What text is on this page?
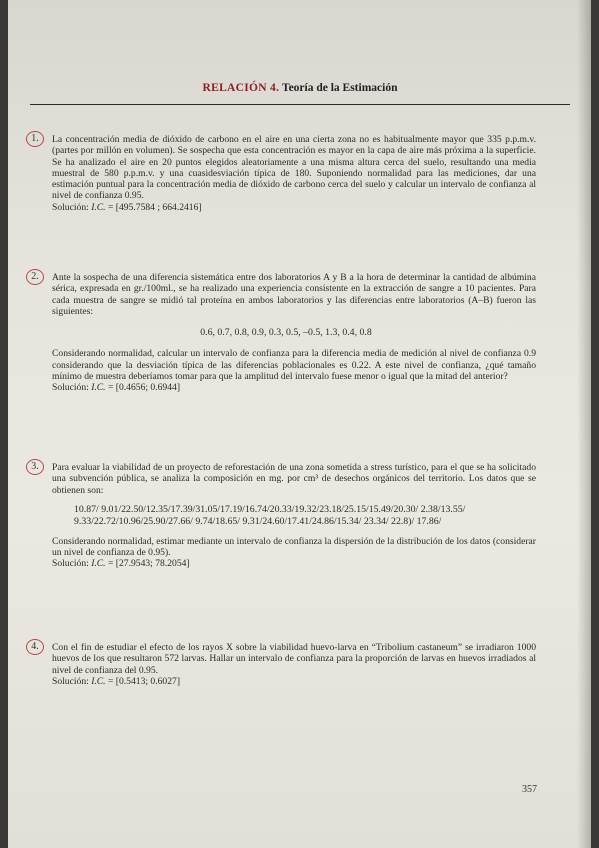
RELACIÓN 4. Teoría de la Estimación
1.	La concentración media de dióxido de carbono en el aire en una cierta zona no es habitualmente mayor que 335 p.p.m.v. (partes por millón en volumen). Se sospecha que esta concentración es mayor en la capa de aire más próxima a la superficie. Se ha analizado el aire en 20 puntos elegidos aleatoriamente a una misma altura cerca del suelo, resultando una media muestral de 580 p.p.m.v. y una cuasidesviación típica de 180. Suponiendo normalidad para las mediciones, dar una estimación puntual para la concentración media de dióxido de carbono cerca del suelo y calcular un intervalo de confianza al nivel de confianza 0.95.

Solución: I.C. = [495.7584 ; 664.2416]

2.	Ante la sospecha de una diferencia sistemática entre dos laboratorios A y B a la hora de determinar la cantidad de albúmina sérica, expresada en gr./100ml., se ha realizado una experiencia consistente en la extracción de sangre a 10 pacientes. Para cada muestra de sangre se midió tal proteína en ambos laboratorios y las diferencias entre laboratorios (A–B) fueron las siguientes:

0.6, 0.7, 0.8, 0.9, 0.3, 0.5, –0.5, 1.3, 0.4, 0.8

Considerando normalidad, calcular un intervalo de confianza para la diferencia media de medición al nivel de confianza 0.9 considerando que la desviación típica de las diferencias poblacionales es 0.22. A este nivel de confianza, ¿qué tamaño mínimo de muestra deberíamos tomar para que la amplitud del intervalo fuese menor o igual que la mitad del anterior?

Solución: I.C. = [0.4656; 0.6944]

3.	Para evaluar la viabilidad de un proyecto de reforestación de una zona sometida a stress turístico, para el que se ha solicitado una subvención pública, se analiza la composición en mg. por cm³ de desechos orgánicos del territorio. Los datos que se obtienen son:

10.87/ 9.01/22.50/12.35/17.39/31.05/17.19/16.74/20.33/19.32/23.18/25.15/15.49/20.30/ 2.38/13.55/ 9.33/22.72/10.96/25.90/27.66/ 9.74/18.65/ 9.31/24.60/17.41/24.86/15.34/ 23.34/ 22.8)/ 17.86/

Considerando normalidad, estimar mediante un intervalo de confianza la dispersión de la distribución de los datos (considerar un nivel de confianza de 0.95).

Solución: I.C. = [27.9543; 78.2054]

4.	Con el fin de estudiar el efecto de los rayos X sobre la viabilidad huevo-larva en “Tribolium castaneum” se irradiaron 1000 huevos de los que resultaron 572 larvas. Hallar un intervalo de confianza para la proporción de larvas en huevos irradiados al nivel de confianza del 0.95.

Solución: I.C. = [0.5413; 0.6027]

357
